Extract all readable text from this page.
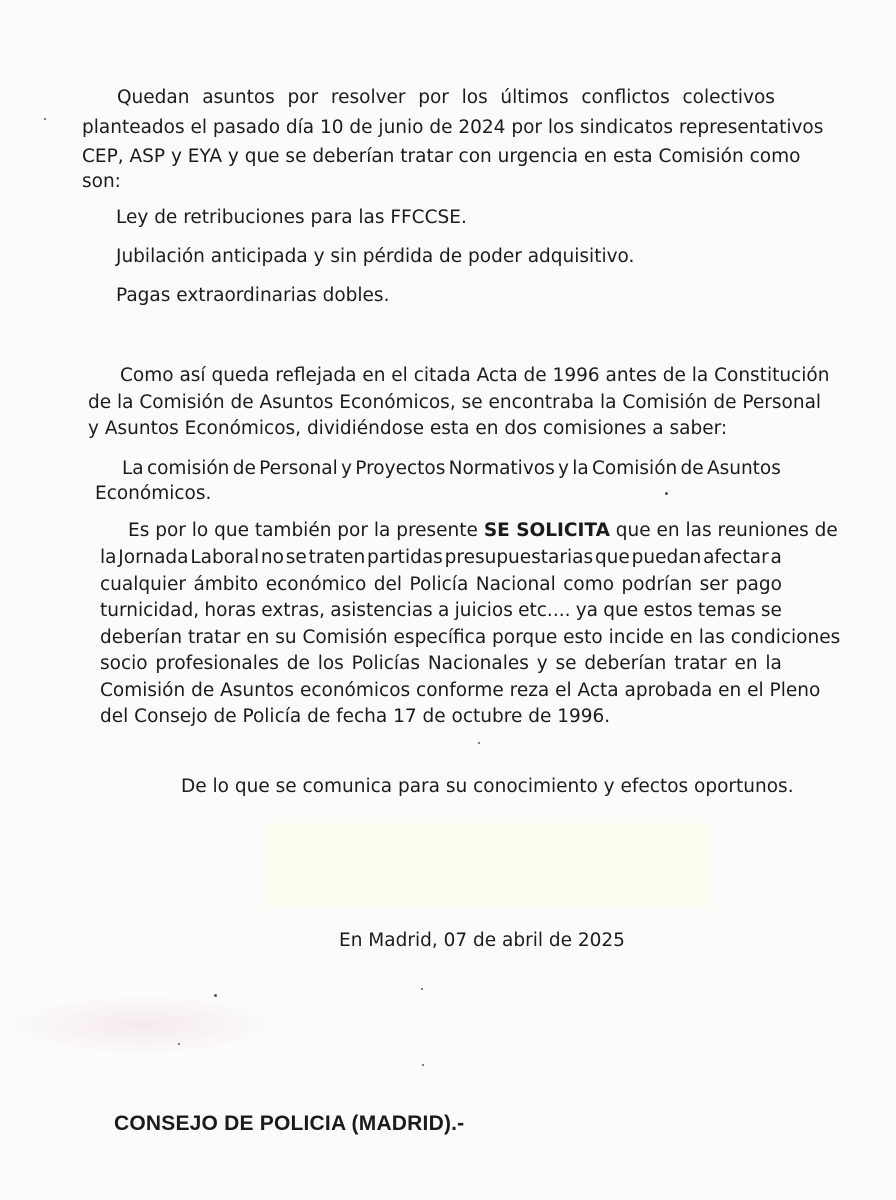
Quedan asuntos por resolver por los últimos conflictos colectivos
planteados el pasado día 10 de junio de 2024 por los sindicatos representativos
CEP, ASP y EYA y que se deberían tratar con urgencia en esta Comisión como
son:
Ley de retribuciones para las FFCCSE.
Jubilación anticipada y sin pérdida de poder adquisitivo.
Pagas extraordinarias dobles.
Como así queda reflejada en el citada Acta de 1996 antes de la Constitución
de la Comisión de Asuntos Económicos, se encontraba la Comisión de Personal
y Asuntos Económicos, dividiéndose esta en dos comisiones a saber:
La comisión de Personal y Proyectos Normativos y la Comisión de Asuntos
Económicos.
Es por lo que también por la presente SE SOLICITA que en las reuniones de
la Jornada Laboral no se traten partidas presupuestarias que puedan afectar a
cualquier ámbito económico del Policía Nacional como podrían ser pago
turnicidad, horas extras, asistencias a juicios etc.... ya que estos temas se
deberían tratar en su Comisión específica porque esto incide en las condiciones
socio profesionales de los Policías Nacionales y se deberían tratar en la
Comisión de Asuntos económicos conforme reza el Acta aprobada en el Pleno
del Consejo de Policía de fecha 17 de octubre de 1996.
De lo que se comunica para su conocimiento y efectos oportunos.
En Madrid, 07 de abril de 2025
CONSEJO DE POLICIA (MADRID).-
